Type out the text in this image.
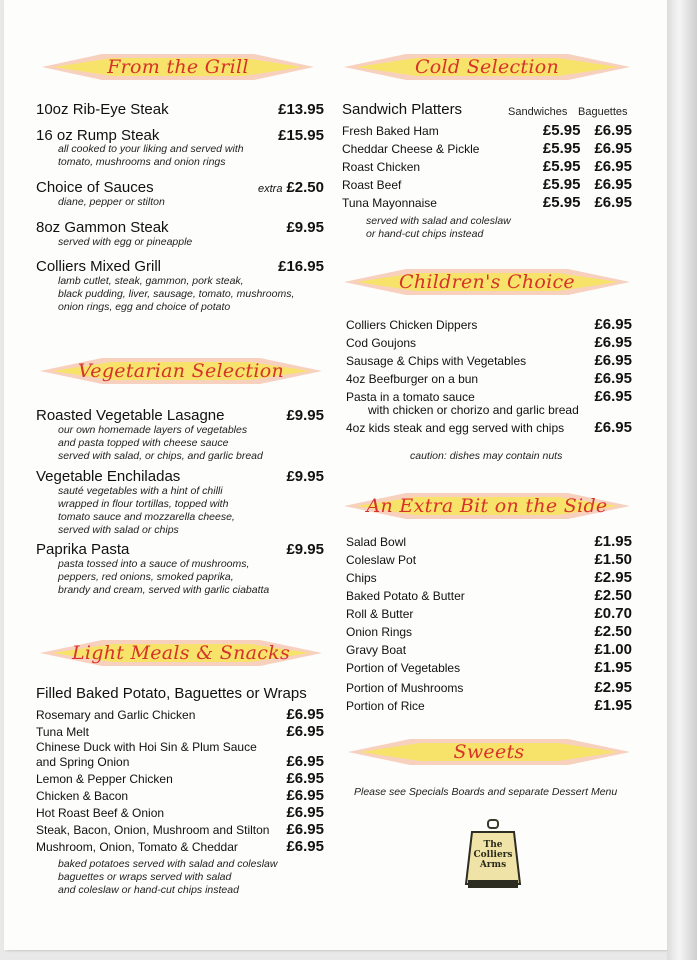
From the Grill
10oz Rib-Eye Steak	£13.95
16 oz Rump Steak	£15.95
all cooked to your liking and served with
tomato, mushrooms and onion rings
Choice of Sauces	extra £2.50
diane, pepper or stilton
8oz Gammon Steak	£9.95
served with egg or pineapple
Colliers Mixed Grill	£16.95
lamb cutlet, steak, gammon, pork steak,
black pudding, liver, sausage, tomato, mushrooms,
onion rings, egg and choice of potato
Vegetarian Selection
Roasted Vegetable Lasagne	£9.95
our own homemade layers of vegetables
and pasta topped with cheese sauce
served with salad, or chips, and garlic bread
Vegetable Enchiladas	£9.95
sauté vegetables with a hint of chilli
wrapped in flour tortillas, topped with
tomato sauce and mozzarella cheese,
served with salad or chips
Paprika Pasta	£9.95
pasta tossed into a sauce of mushrooms,
peppers, red onions, smoked paprika,
brandy and cream, served with garlic ciabatta
Light Meals & Snacks
Filled Baked Potato, Baguettes or Wraps
Rosemary and Garlic Chicken	£6.95
Tuna Melt	£6.95
Chinese Duck with Hoi Sin & Plum Sauce
and Spring Onion	£6.95
Lemon & Pepper Chicken	£6.95
Chicken & Bacon	£6.95
Hot Roast Beef & Onion	£6.95
Steak, Bacon, Onion, Mushroom and Stilton £6.95
Mushroom, Onion, Tomato & Cheddar	£6.95
baked potatoes served with salad and coleslaw
baguettes or wraps served with salad
and coleslaw or hand-cut chips instead
Cold Selection
Sandwich Platters	Sandwiches Baguettes
Fresh Baked Ham	£5.95 £6.95
Cheddar Cheese & Pickle	£5.95 £6.95
Roast Chicken	£5.95 £6.95
Roast Beef	£5.95 £6.95
Tuna Mayonnaise	£5.95 £6.95
served with salad and coleslaw
or hand-cut chips instead
Children's Choice
Colliers Chicken Dippers	£6.95
Cod Goujons	£6.95
Sausage & Chips with Vegetables	£6.95
4oz Beefburger on a bun	£6.95
Pasta in a tomato sauce	£6.95
with chicken or chorizo and garlic bread
4oz kids steak and egg served with chips £6.95
caution: dishes may contain nuts
An Extra Bit on the Side
Salad Bowl	£1.95
Coleslaw Pot	£1.50
Chips	£2.95
Baked Potato & Butter	£2.50
Roll & Butter	£0.70
Onion Rings	£2.50
Gravy Boat	£1.00
Portion of Vegetables	£1.95
Portion of Mushrooms	£2.95
Portion of Rice	£1.95
Sweets
Please see Specials Boards and separate Dessert Menu
The
Colliers
Arms
